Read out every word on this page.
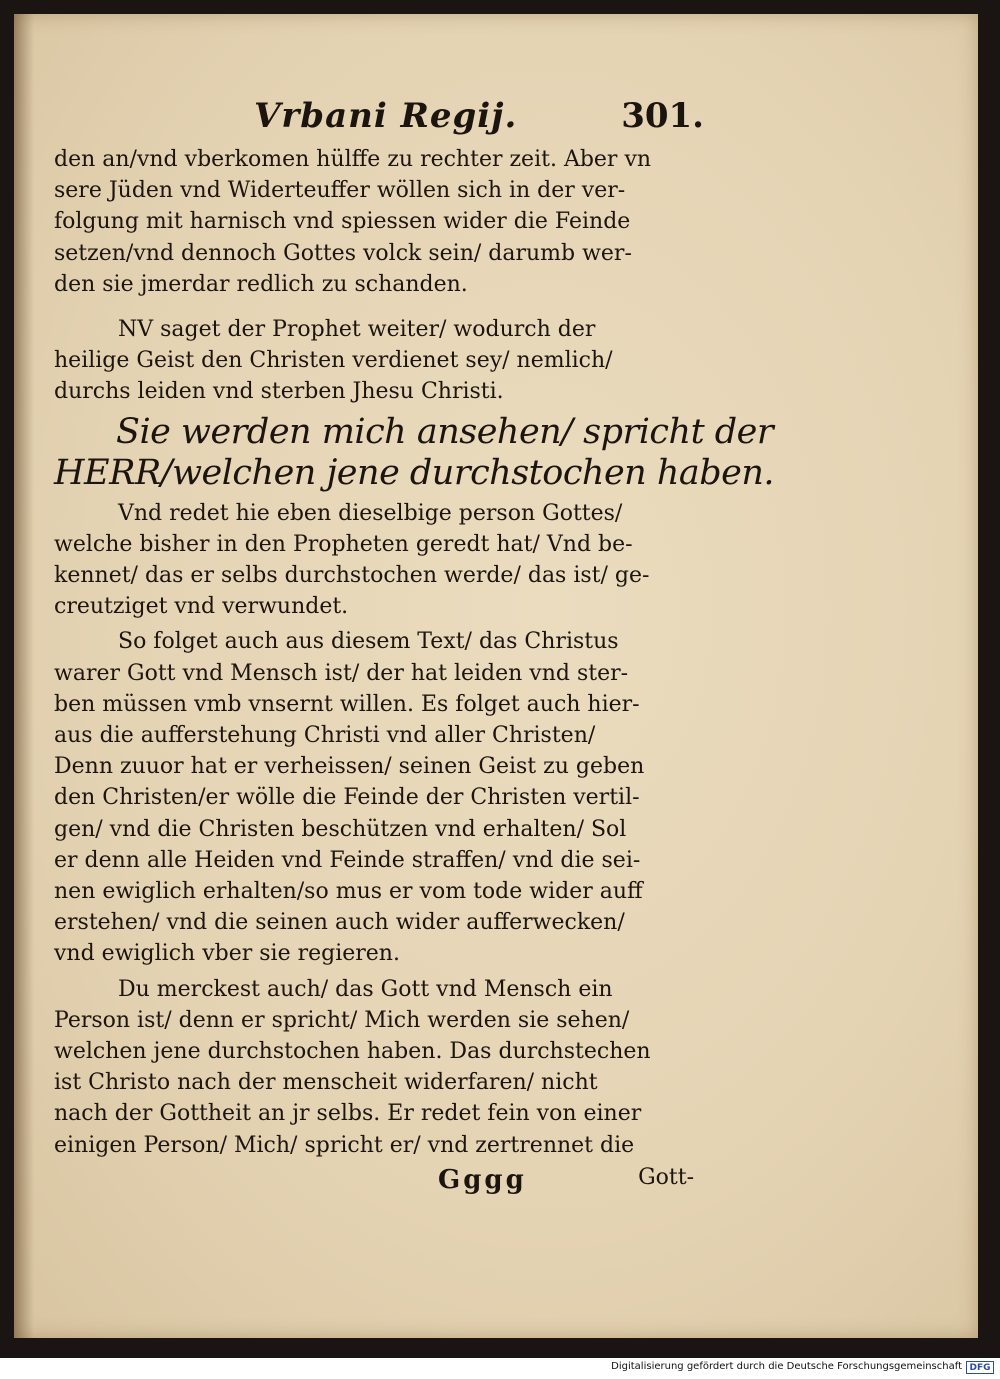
Vrbani Regij.	301.
den an/vnd vberkomen hülffe zu rechter zeit. Aber vn
sere Jüden vnd Widerteuffer wöllen sich in der ver-
folgung mit harnisch vnd spiessen wider die Feinde
setzen/vnd dennoch Gottes volck sein/ darumb wer-
den sie jmerdar redlich zu schanden.
NV saget der Prophet weiter/ wodurch der
heilige Geist den Christen verdienet sey/ nemlich/
durchs leiden vnd sterben Jhesu Christi.
Sie werden mich ansehen/ spricht der
HERR/welchen jene durchstochen haben.
Vnd redet hie eben dieselbige person Gottes/
welche bisher in den Propheten geredt hat/ Vnd be-
kennet/ das er selbs durchstochen werde/ das ist/ ge-
creutziget vnd verwundet.
So folget auch aus diesem Text/ das Christus
warer Gott vnd Mensch ist/ der hat leiden vnd ster-
ben müssen vmb vnsernt willen. Es folget auch hier-
aus die aufferstehung Christi vnd aller Christen/
Denn zuuor hat er verheissen/ seinen Geist zu geben
den Christen/er wölle die Feinde der Christen vertil-
gen/ vnd die Christen beschützen vnd erhalten/ Sol
er denn alle Heiden vnd Feinde straffen/ vnd die sei-
nen ewiglich erhalten/so mus er vom tode wider auff
erstehen/ vnd die seinen auch wider aufferwecken/
vnd ewiglich vber sie regieren.
Du merckest auch/ das Gott vnd Mensch ein
Person ist/ denn er spricht/ Mich werden sie sehen/
welchen jene durchstochen haben. Das durchstechen
ist Christo nach der menscheit widerfaren/ nicht
nach der Gottheit an jr selbs. Er redet fein von einer
einigen Person/ Mich/ spricht er/ vnd zertrennet die
Gggg	Gott-
Digitalisierung gefördert durch die Deutsche Forschungsgemeinschaft DFG
